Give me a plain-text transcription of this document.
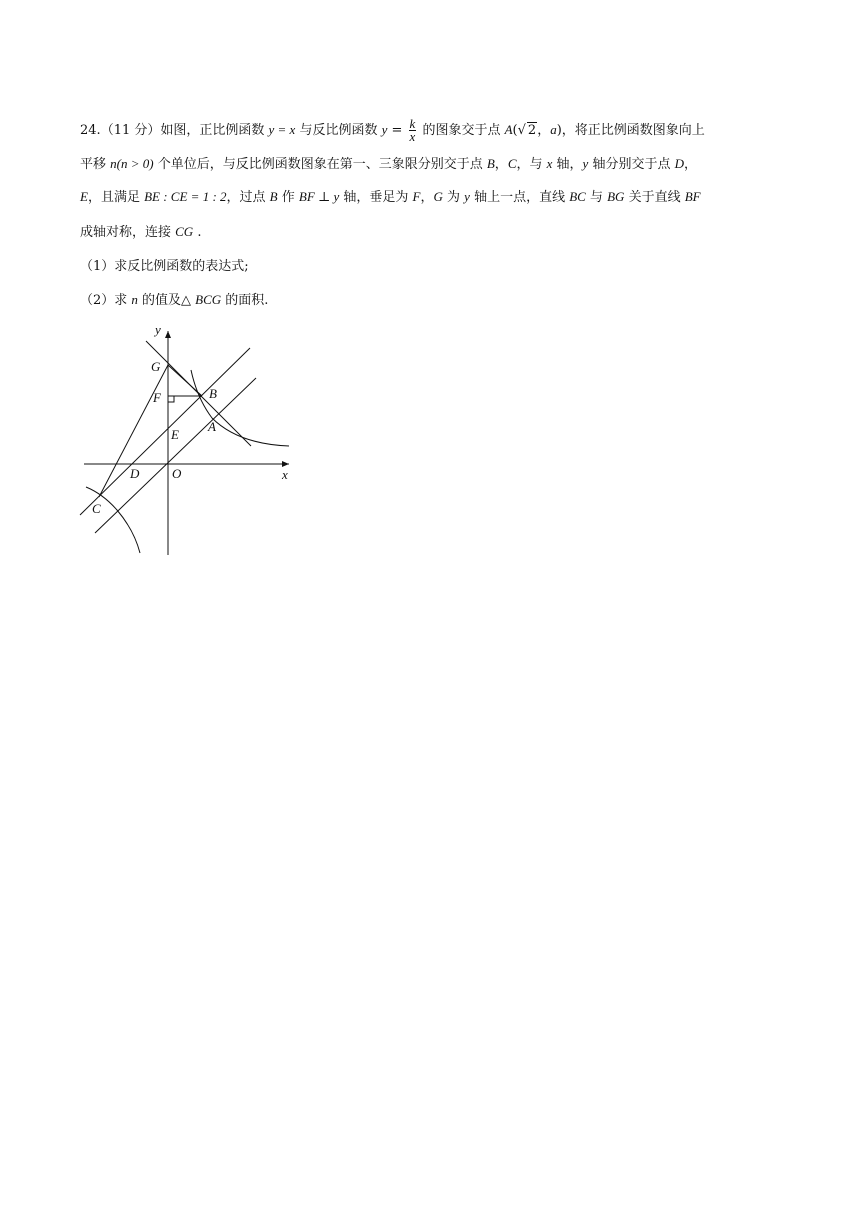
24.（11 分）如图，正比例函数 y = x 与反比例函数 $y = \frac{k}{x}$ 的图象交于点 A(√ 2，a)，将正比例函数图象向上
平移 n(n > 0) 个单位后，与反比例函数图象在第一、三象限分别交于点 B，C，与 x 轴，y 轴分别交于点 D，
E，且满足 BE : CE = 1 : 2，过点 B 作 BF ⊥ y 轴，垂足为 F，G 为 y 轴上一点，直线 BC 与 BG 关于直线 BF
成轴对称，连接 CG .
（1）求反比例函数的表达式;
（2）求 n 的值及△ BCG 的面积.
y
x
G
F	B
E
A
D	O
C
